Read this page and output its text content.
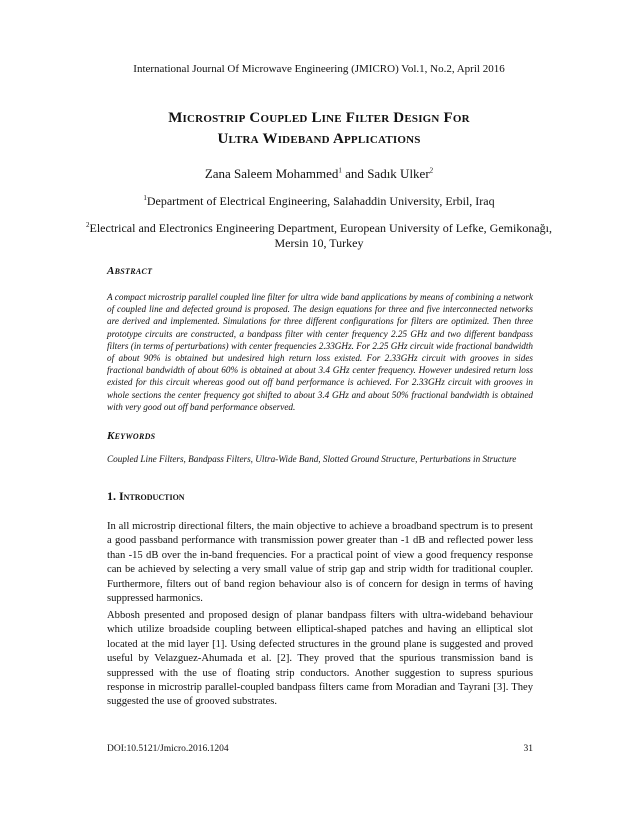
International Journal Of Microwave Engineering (JMICRO) Vol.1, No.2, April 2016
Microstrip Coupled Line Filter Design For
Ultra Wideband Applications
Zana Saleem Mohammed$^1$ and Sadık Ulker$^2$
$^1$Department of Electrical Engineering, Salahaddin University, Erbil, Iraq
$^2$Electrical and Electronics Engineering Department, European University of Lefke, Gemikonağı, Mersin 10, Turkey
Abstract
A compact microstrip parallel coupled line filter for ultra wide band applications by means of combining a network of coupled line and defected ground is proposed. The design equations for three and five interconnected networks are derived and implemented. Simulations for three different configurations for filters are optimized. Then three prototype circuits are constructed, a bandpass filter with center frequency 2.25 GHz and two different bandpass filters (in terms of perturbations) with center frequencies 2.33GHz. For 2.25 GHz circuit wide fractional bandwidth of about 90% is obtained but undesired high return loss existed. For 2.33GHz circuit with grooves in sides fractional bandwidth of about 60% is obtained at about 3.4 GHz center frequency. However undesired return loss existed for this circuit whereas good out off band performance is achieved. For 2.33GHz circuit with grooves in whole sections the center frequency got shifted to about 3.4 GHz and about 50% fractional bandwidth is obtained with very good out off band performance observed.
Keywords
Coupled Line Filters, Bandpass Filters, Ultra-Wide Band, Slotted Ground Structure, Perturbations in Structure
1. Introduction
In all microstrip directional filters, the main objective to achieve a broadband spectrum is to present a good passband performance with transmission power greater than -1 dB and reflected power less than -15 dB over the in-band frequencies. For a practical point of view a good frequency response can be achieved by selecting a very small value of strip gap and strip width for traditional coupler. Furthermore, filters out of band region behaviour also is of concern for design in terms of having suppressed harmonics.
Abbosh presented and proposed design of planar bandpass filters with ultra-wideband behaviour which utilize broadside coupling between elliptical-shaped patches and having an elliptical slot located at the mid layer [1]. Using defected structures in the ground plane is suggested and proved useful by Velazguez-Ahumada et al. [2]. They proved that the spurious transmission band is suppressed with the use of floating strip conductors. Another suggestion to supress spurious response in microstrip parallel-coupled bandpass filters came from Moradian and Tayrani [3]. They suggested the use of grooved substrates.
DOI:10.5121/Jmicro.2016.1204	31
